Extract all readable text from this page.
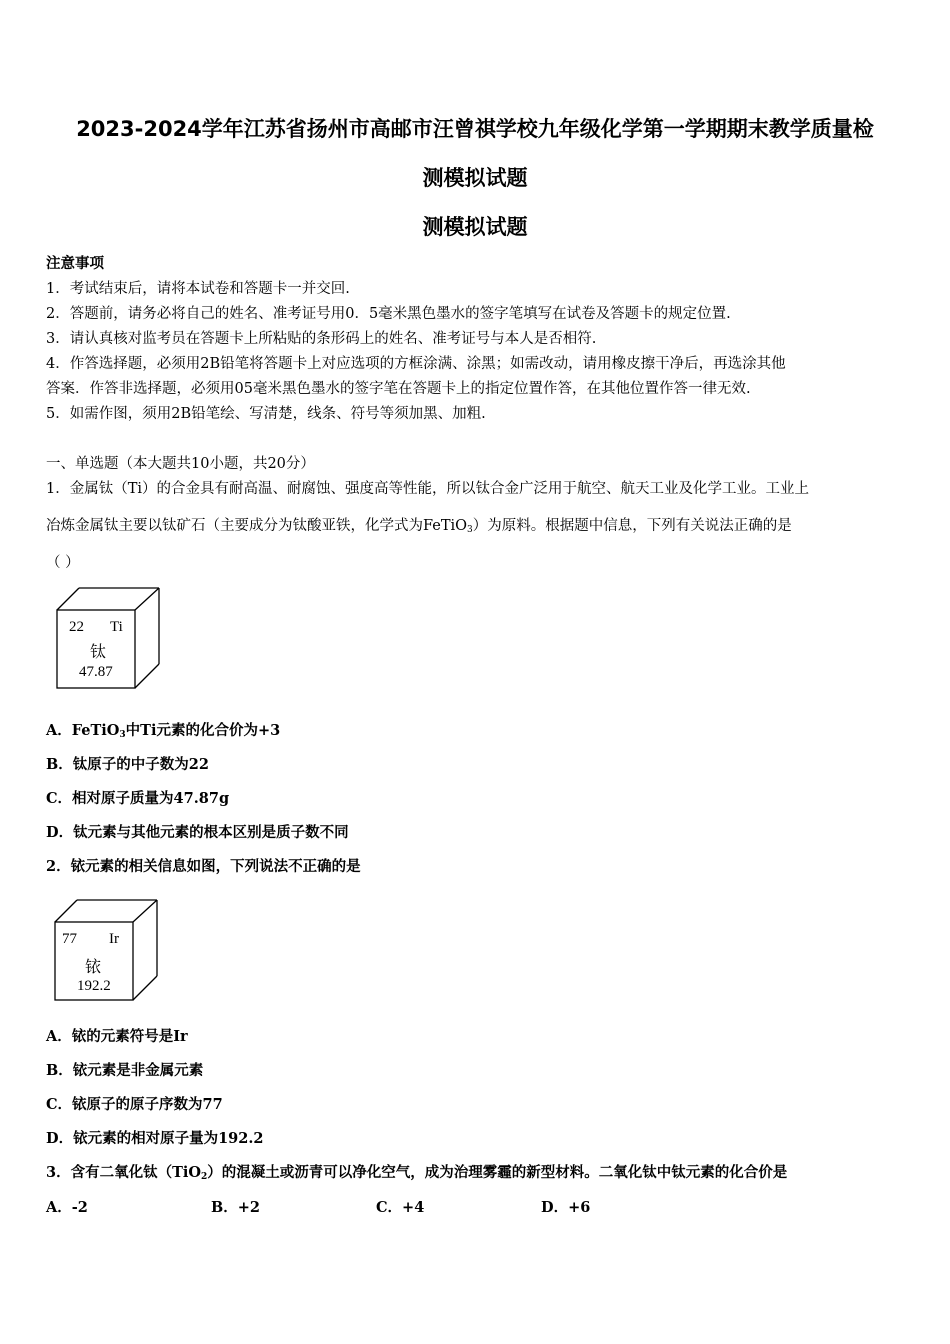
2023-2024学年江苏省扬州市高邮市汪曾祺学校九年级化学第一学期期末教学质量检
测模拟试题
测模拟试题
注意事项
1．考试结束后，请将本试卷和答题卡一并交回.
2．答题前，请务必将自己的姓名、准考证号用0．5毫米黑色墨水的签字笔填写在试卷及答题卡的规定位置.
3．请认真核对监考员在答题卡上所粘贴的条形码上的姓名、准考证号与本人是否相符.
4．作答选择题，必须用2B铅笔将答题卡上对应选项的方框涂满、涂黑；如需改动，请用橡皮擦干净后，再选涂其他
答案．作答非选择题，必须用05毫米黑色墨水的签字笔在答题卡上的指定位置作答，在其他位置作答一律无效.
5．如需作图，须用2B铅笔绘、写清楚，线条、符号等须加黑、加粗.
一、单选题（本大题共10小题，共20分）
1．金属钛（Ti）的合金具有耐高温、耐腐蚀、强度高等性能，所以钛合金广泛用于航空、航天工业及化学工业。工业上
冶炼金属钛主要以钛矿石（主要成分为钛酸亚铁，化学式为FeTiO$_3$）为原料。根据题中信息，下列有关说法正确的是
（ ）
22 Ti
钛
47.87
A．FeTiO$_3$中Ti元素的化合价为+3
B．钛原子的中子数为22
C．相对原子质量为47.87g
D．钛元素与其他元素的根本区别是质子数不同
2．铱元素的相关信息如图，下列说法不正确的是
77 Ir
铱
192.2
A．铱的元素符号是Ir
B．铱元素是非金属元素
C．铱原子的原子序数为77
D．铱元素的相对原子量为192.2
3．含有二氧化钛（TiO$_2$）的混凝土或沥青可以净化空气，成为治理雾霾的新型材料。二氧化钛中钛元素的化合价是
A．-2	B．+2	C．+4	D．+6
